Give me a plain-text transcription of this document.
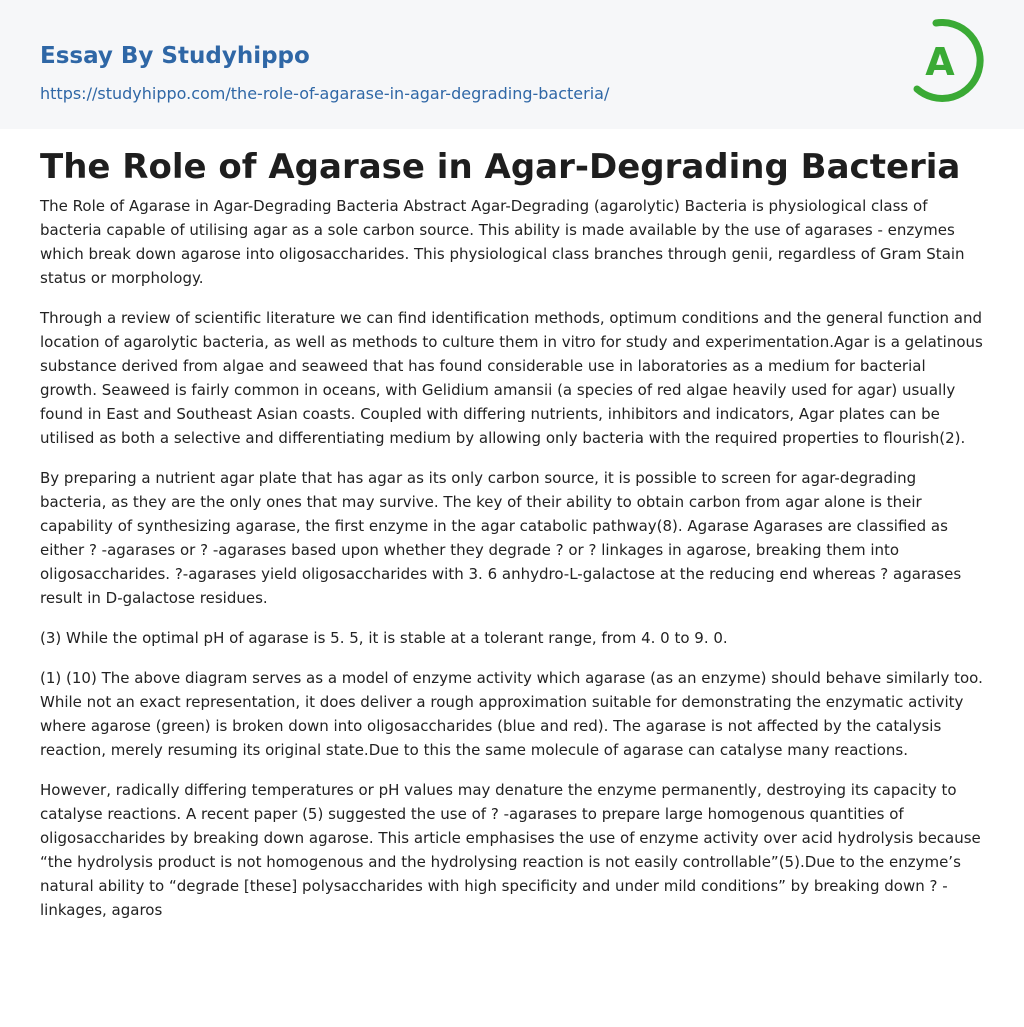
Essay By Studyhippo
https://studyhippo.com/the-role-of-agarase-in-agar-degrading-bacteria/
A
The Role of Agarase in Agar-Degrading Bacteria

The Role of Agarase in Agar-Degrading Bacteria Abstract Agar-Degrading (agarolytic) Bacteria is physiological class of bacteria capable of utilising agar as a sole carbon source. This ability is made available by the use of agarases - enzymes which break down agarose into oligosaccharides. This physiological class branches through genii, regardless of Gram Stain status or morphology.

Through a review of scientific literature we can find identification methods, optimum conditions and the general function and location of agarolytic bacteria, as well as methods to culture them in vitro for study and experimentation.Agar is a gelatinous substance derived from algae and seaweed that has found considerable use in laboratories as a medium for bacterial growth. Seaweed is fairly common in oceans, with Gelidium amansii (a species of red algae heavily used for agar) usually found in East and Southeast Asian coasts. Coupled with differing nutrients, inhibitors and indicators, Agar plates can be utilised as both a selective and differentiating medium by allowing only bacteria with the required properties to flourish(2).

By preparing a nutrient agar plate that has agar as its only carbon source, it is possible to screen for agar-degrading bacteria, as they are the only ones that may survive. The key of their ability to obtain carbon from agar alone is their capability of synthesizing agarase, the first enzyme in the agar catabolic pathway(8). Agarase Agarases are classified as either ? -agarases or ? -agarases based upon whether they degrade ? or ? linkages in agarose, breaking them into oligosaccharides. ?-agarases yield oligosaccharides with 3. 6 anhydro-L-galactose at the reducing end whereas ? agarases result in D-galactose residues.

(3) While the optimal pH of agarase is 5. 5, it is stable at a tolerant range, from 4. 0 to 9. 0.

(1) (10) The above diagram serves as a model of enzyme activity which agarase (as an enzyme) should behave similarly too. While not an exact representation, it does deliver a rough approximation suitable for demonstrating the enzymatic activity where agarose (green) is broken down into oligosaccharides (blue and red). The agarase is not affected by the catalysis reaction, merely resuming its original state.Due to this the same molecule of agarase can catalyse many reactions.

However, radically differing temperatures or pH values may denature the enzyme permanently, destroying its capacity to catalyse reactions. A recent paper (5) suggested the use of ? -agarases to prepare large homogenous quantities of oligosaccharides by breaking down agarose. This article emphasises the use of enzyme activity over acid hydrolysis because “the hydrolysis product is not homogenous and the hydrolysing reaction is not easily controllable”(5).Due to the enzyme’s natural ability to “degrade [these] polysaccharides with high specificity and under mild conditions” by breaking down ? -linkages, agaros
